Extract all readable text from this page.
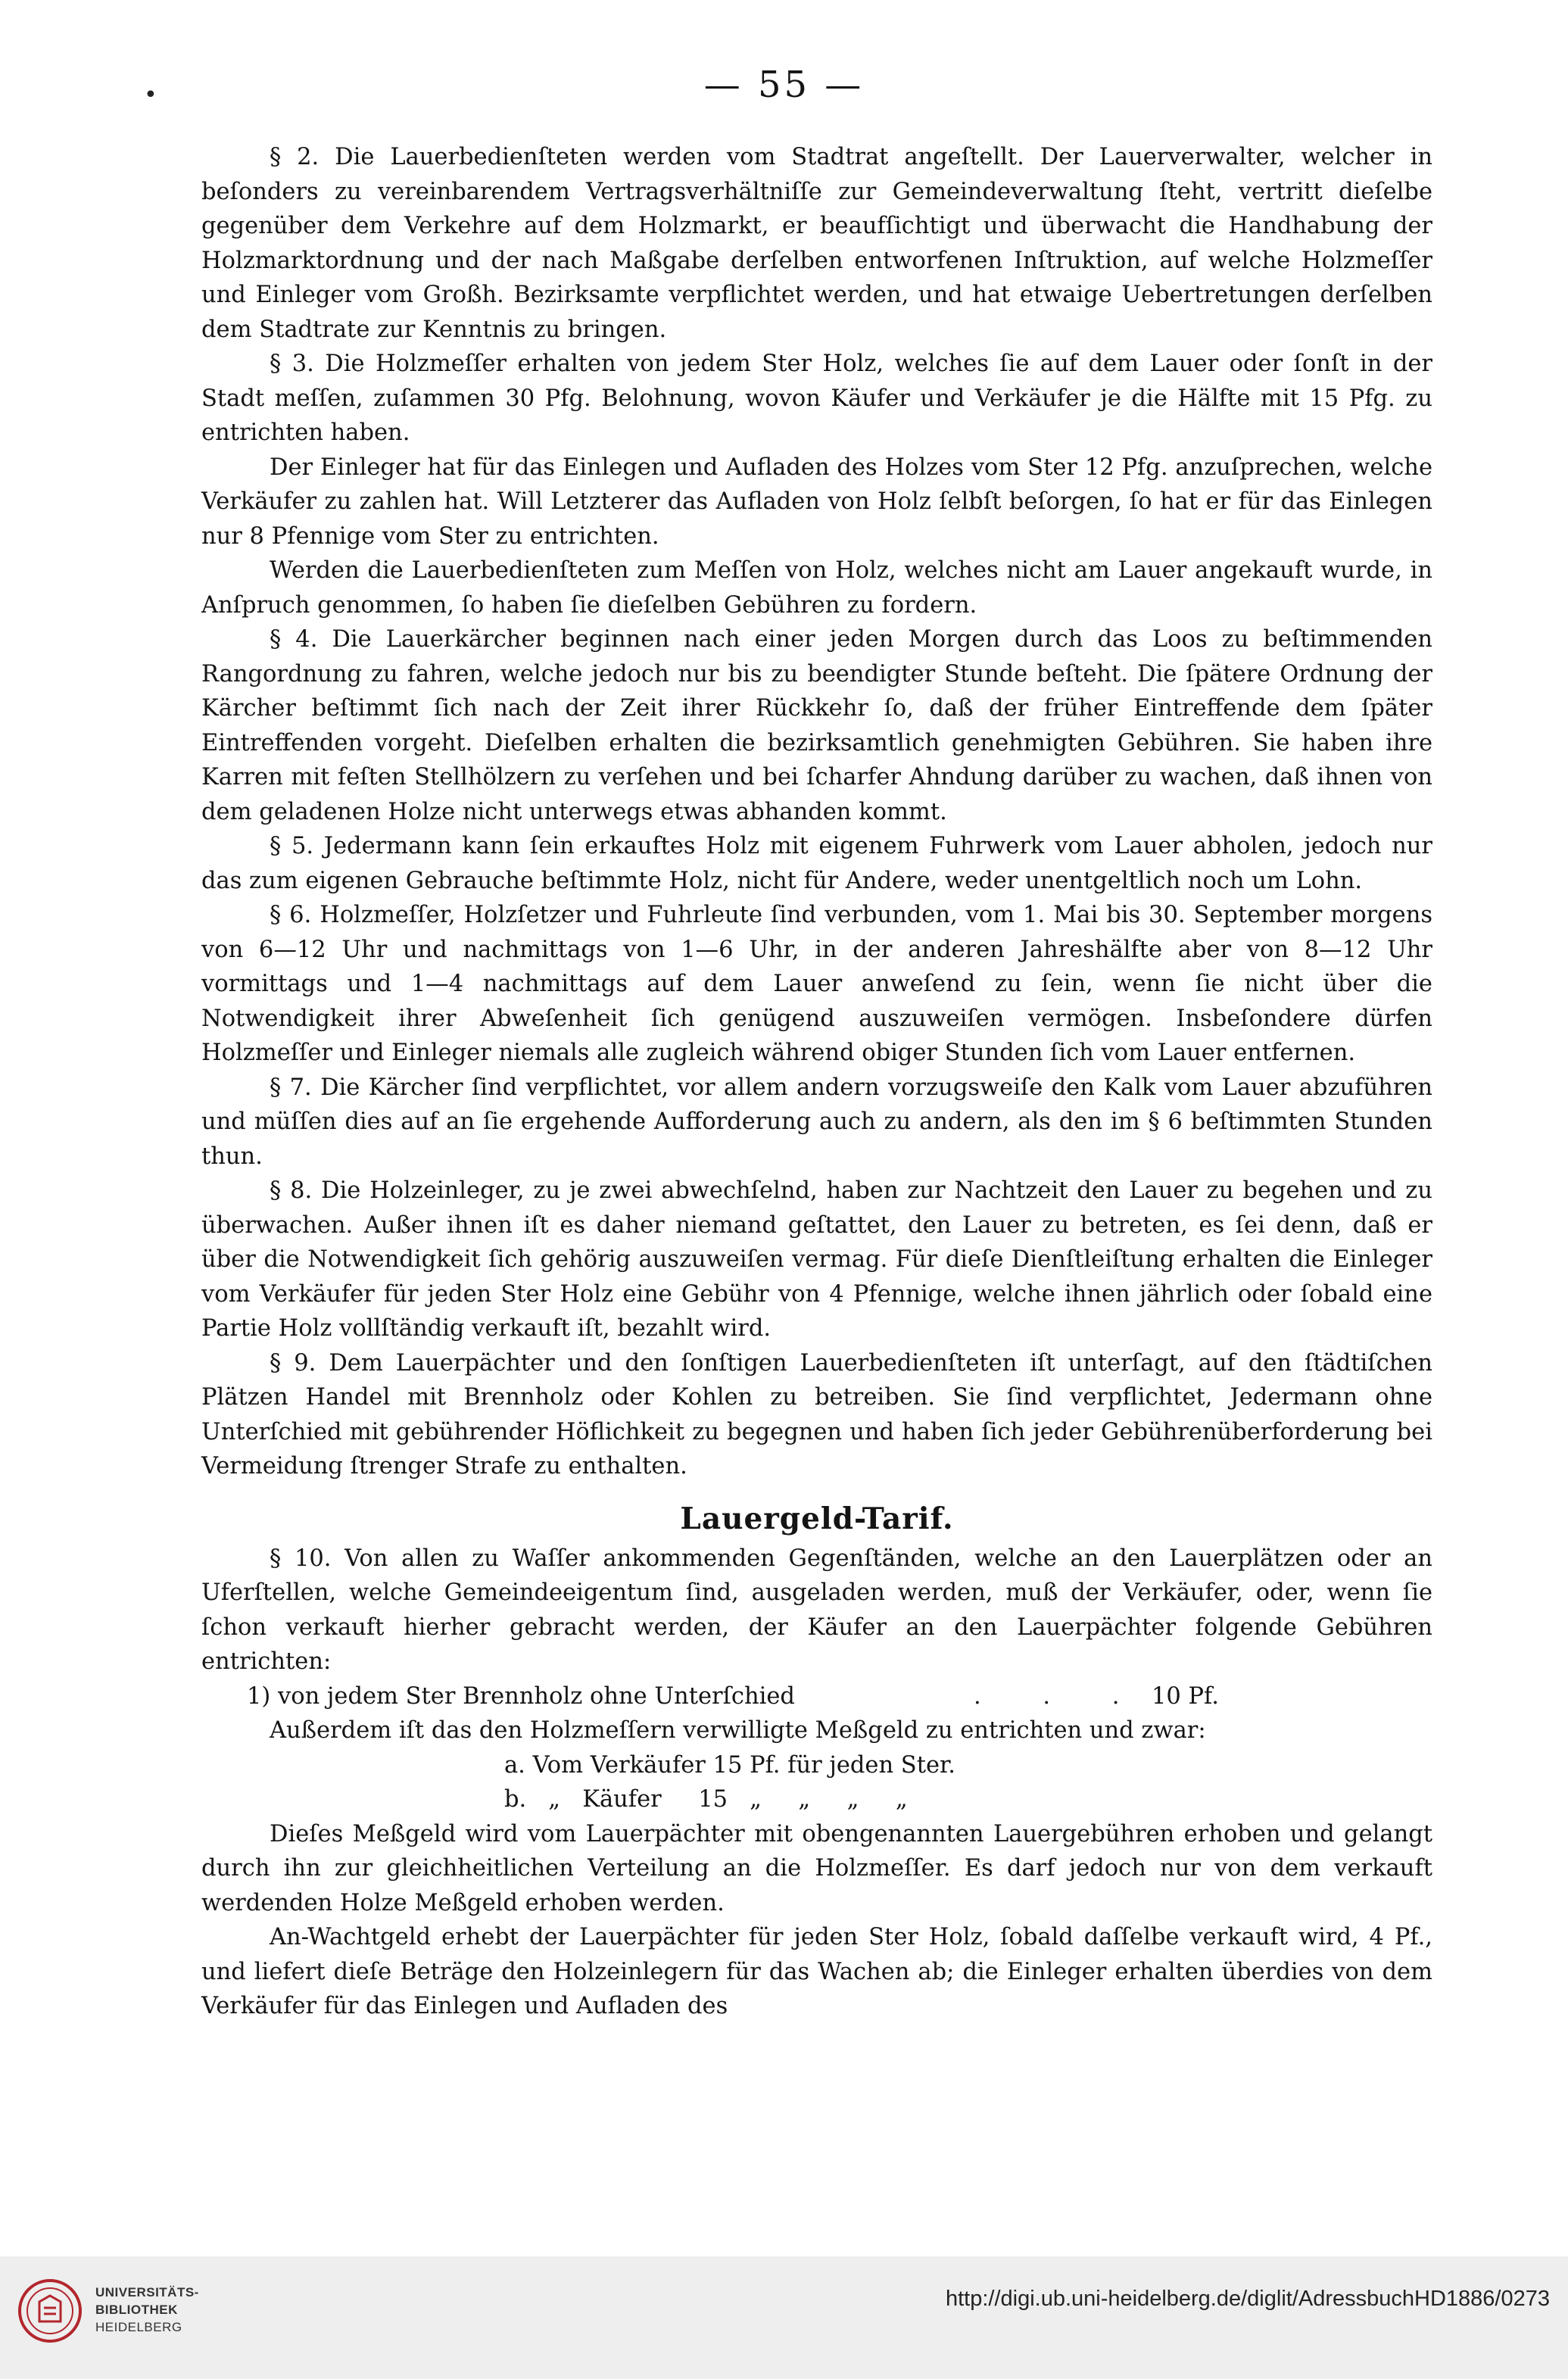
•	— 55 —

§ 2. Die Lauerbedienſteten werden vom Stadtrat angeſtellt. Der Lauerverwalter, welcher in beſonders zu vereinbarendem Vertragsverhältniſſe zur Gemeindeverwaltung ſteht, vertritt dieſelbe gegenüber dem Verkehre auf dem Holzmarkt, er beaufſichtigt und überwacht die Handhabung der Holzmarktordnung und der nach Maßgabe derſelben entworfenen Inſtruktion, auf welche Holzmeſſer und Einleger vom Großh. Bezirksamte verpflichtet werden, und hat etwaige Uebertretungen derſelben dem Stadtrate zur Kenntnis zu bringen.

§ 3. Die Holzmeſſer erhalten von jedem Ster Holz, welches ſie auf dem Lauer oder ſonſt in der Stadt meſſen, zuſammen 30 Pfg. Belohnung, wovon Käufer und Verkäufer je die Hälfte mit 15 Pfg. zu entrichten haben.

Der Einleger hat für das Einlegen und Aufladen des Holzes vom Ster 12 Pfg. anzuſprechen, welche Verkäufer zu zahlen hat. Will Letzterer das Aufladen von Holz ſelbſt beſorgen, ſo hat er für das Einlegen nur 8 Pfennige vom Ster zu entrichten.

Werden die Lauerbedienſteten zum Meſſen von Holz, welches nicht am Lauer angekauft wurde, in Anſpruch genommen, ſo haben ſie dieſelben Gebühren zu fordern.

§ 4. Die Lauerkärcher beginnen nach einer jeden Morgen durch das Loos zu beſtimmenden Rangordnung zu fahren, welche jedoch nur bis zu beendigter Stunde beſteht. Die ſpätere Ordnung der Kärcher beſtimmt ſich nach der Zeit ihrer Rückkehr ſo, daß der früher Eintreffende dem ſpäter Eintreffenden vorgeht. Dieſelben erhalten die bezirksamtlich genehmigten Gebühren. Sie haben ihre Karren mit feſten Stellhölzern zu verſehen und bei ſcharfer Ahndung darüber zu wachen, daß ihnen von dem geladenen Holze nicht unterwegs etwas abhanden kommt.

§ 5. Jedermann kann ſein erkauftes Holz mit eigenem Fuhrwerk vom Lauer abholen, jedoch nur das zum eigenen Gebrauche beſtimmte Holz, nicht für Andere, weder unentgeltlich noch um Lohn.

§ 6. Holzmeſſer, Holzſetzer und Fuhrleute ſind verbunden, vom 1. Mai bis 30. September morgens von 6—12 Uhr und nachmittags von 1—6 Uhr, in der anderen Jahreshälfte aber von 8—12 Uhr vormittags und 1—4 nachmittags auf dem Lauer anweſend zu ſein, wenn ſie nicht über die Notwendigkeit ihrer Abweſenheit ſich genügend auszuweiſen vermögen. Insbeſondere dürfen Holzmeſſer und Einleger niemals alle zugleich während obiger Stunden ſich vom Lauer entfernen.

§ 7. Die Kärcher ſind verpflichtet, vor allem andern vorzugsweiſe den Kalk vom Lauer abzuführen und müſſen dies auf an ſie ergehende Aufforderung auch zu andern, als den im § 6 beſtimmten Stunden thun.

§ 8. Die Holzeinleger, zu je zwei abwechſelnd, haben zur Nachtzeit den Lauer zu begehen und zu überwachen. Außer ihnen iſt es daher niemand geſtattet, den Lauer zu betreten, es ſei denn, daß er über die Notwendigkeit ſich gehörig auszuweiſen vermag. Für dieſe Dienſtleiſtung erhalten die Einleger vom Verkäufer für jeden Ster Holz eine Gebühr von 4 Pfennige, welche ihnen jährlich oder ſobald eine Partie Holz vollſtändig verkauft iſt, bezahlt wird.

§ 9. Dem Lauerpächter und den ſonſtigen Lauerbedienſteten iſt unterſagt, auf den ſtädtiſchen Plätzen Handel mit Brennholz oder Kohlen zu betreiben. Sie ſind verpflichtet, Jedermann ohne Unterſchied mit gebührender Höflichkeit zu begegnen und haben ſich jeder Gebührenüberforderung bei Vermeidung ſtrenger Strafe zu enthalten.

Lauergeld-Tarif.

§ 10. Von allen zu Waſſer ankommenden Gegenſtänden, welche an den Lauerplätzen oder an Uferſtellen, welche Gemeindeeigentum ſind, ausgeladen werden, muß der Verkäufer, oder, wenn ſie ſchon verkauft hierher gebracht werden, der Käufer an den Lauerpächter folgende Gebühren entrichten:

1) von jedem Ster Brennholz ohne Unterſchied	. . . 10 Pf.

Außerdem iſt das den Holzmeſſern verwilligte Meßgeld zu entrichten und zwar:

a. Vom Verkäufer 15 Pf. für jeden Ster.

b.   „   Käufer     15   „     „     „     „

Dieſes Meßgeld wird vom Lauerpächter mit obengenannten Lauergebühren erhoben und gelangt durch ihn zur gleichheitlichen Verteilung an die Holzmeſſer. Es darf jedoch nur von dem verkauft werdenden Holze Meßgeld erhoben werden.

An-Wachtgeld erhebt der Lauerpächter für jeden Ster Holz, ſobald daſſelbe verkauft wird, 4 Pf., und liefert dieſe Beträge den Holzeinlegern für das Wachen ab; die Einleger erhalten überdies von dem Verkäufer für das Einlegen und Aufladen des

UNIVERSITÄTS-
BIBLIOTHEK
HEIDELBERG
http://digi.ub.uni-heidelberg.de/diglit/AdressbuchHD1886/0273
